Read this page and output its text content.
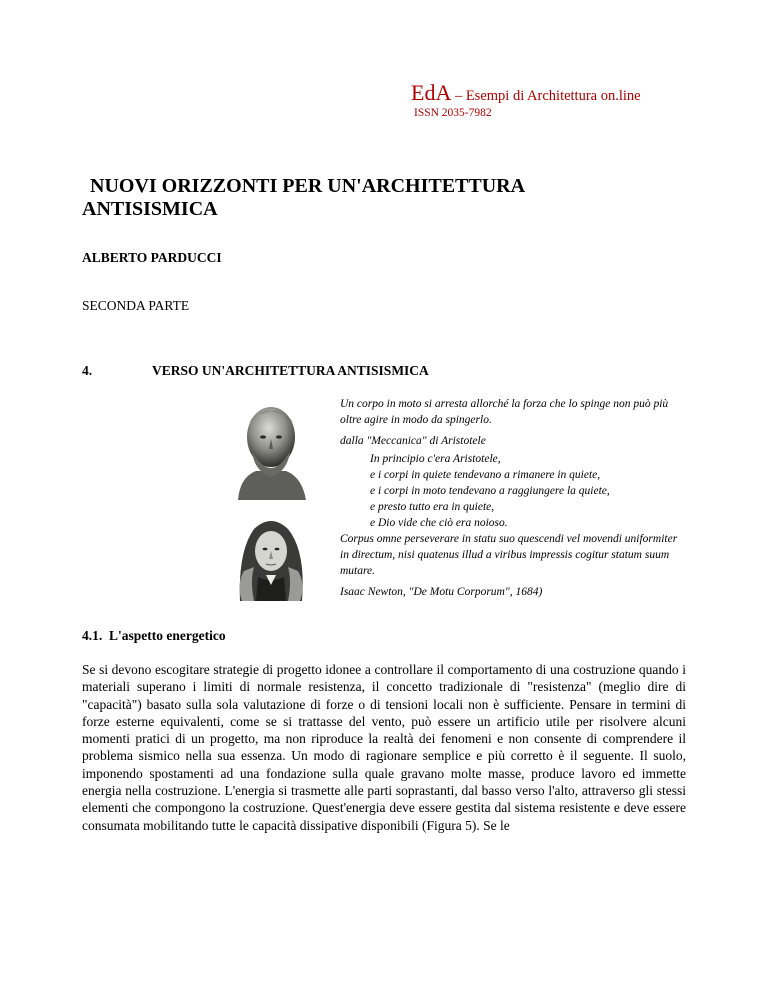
EdA – Esempi di Architettura on.line
ISSN 2035-7982
NUOVI ORIZZONTI PER UN'ARCHITETTURA
ANTISISMICA
ALBERTO PARDUCCI
SECONDA PARTE
4.	VERSO UN'ARCHITETTURA ANTISISMICA
Un corpo in moto si arresta allorché la forza che lo spinge non può più oltre agire in modo da spingerlo.
dalla "Meccanica" di Aristotele
In principio c'era Aristotele,
e i corpi in quiete tendevano a rimanere in quiete,
e i corpi in moto tendevano a raggiungere la quiete,
e presto tutto era in quiete,
e Dio vide che ciò era noioso.
Corpus omne perseverare in statu suo quescendi vel movendi uniformiter in directum, nisi quatenus illud a viribus impressis cogitur statum suum mutare.
Isaac Newton, "De Motu Corporum", 1684)
4.1. L'aspetto energetico

Se si devono escogitare strategie di progetto idonee a controllare il comportamento di una costruzione quando i materiali superano i limiti di normale resistenza, il concetto tradizionale di "resistenza" (meglio dire di "capacità") basato sulla sola valutazione di forze o di tensioni locali non è sufficiente. Pensare in termini di forze esterne equivalenti, come se si trattasse del vento, può essere un artificio utile per risolvere alcuni momenti pratici di un progetto, ma non riproduce la realtà dei fenomeni e non consente di comprendere il problema sismico nella sua essenza. Un modo di ragionare semplice e più corretto è il seguente. Il suolo, imponendo spostamenti ad una fondazione sulla quale gravano molte masse, produce lavoro ed immette energia nella costruzione. L'energia si trasmette alle parti soprastanti, dal basso verso l'alto, attraverso gli stessi elementi che compongono la costruzione. Quest'energia deve essere gestita dal sistema resistente e deve essere consumata mobilitando tutte le capacità dissipative disponibili (Figura 5). Se le
